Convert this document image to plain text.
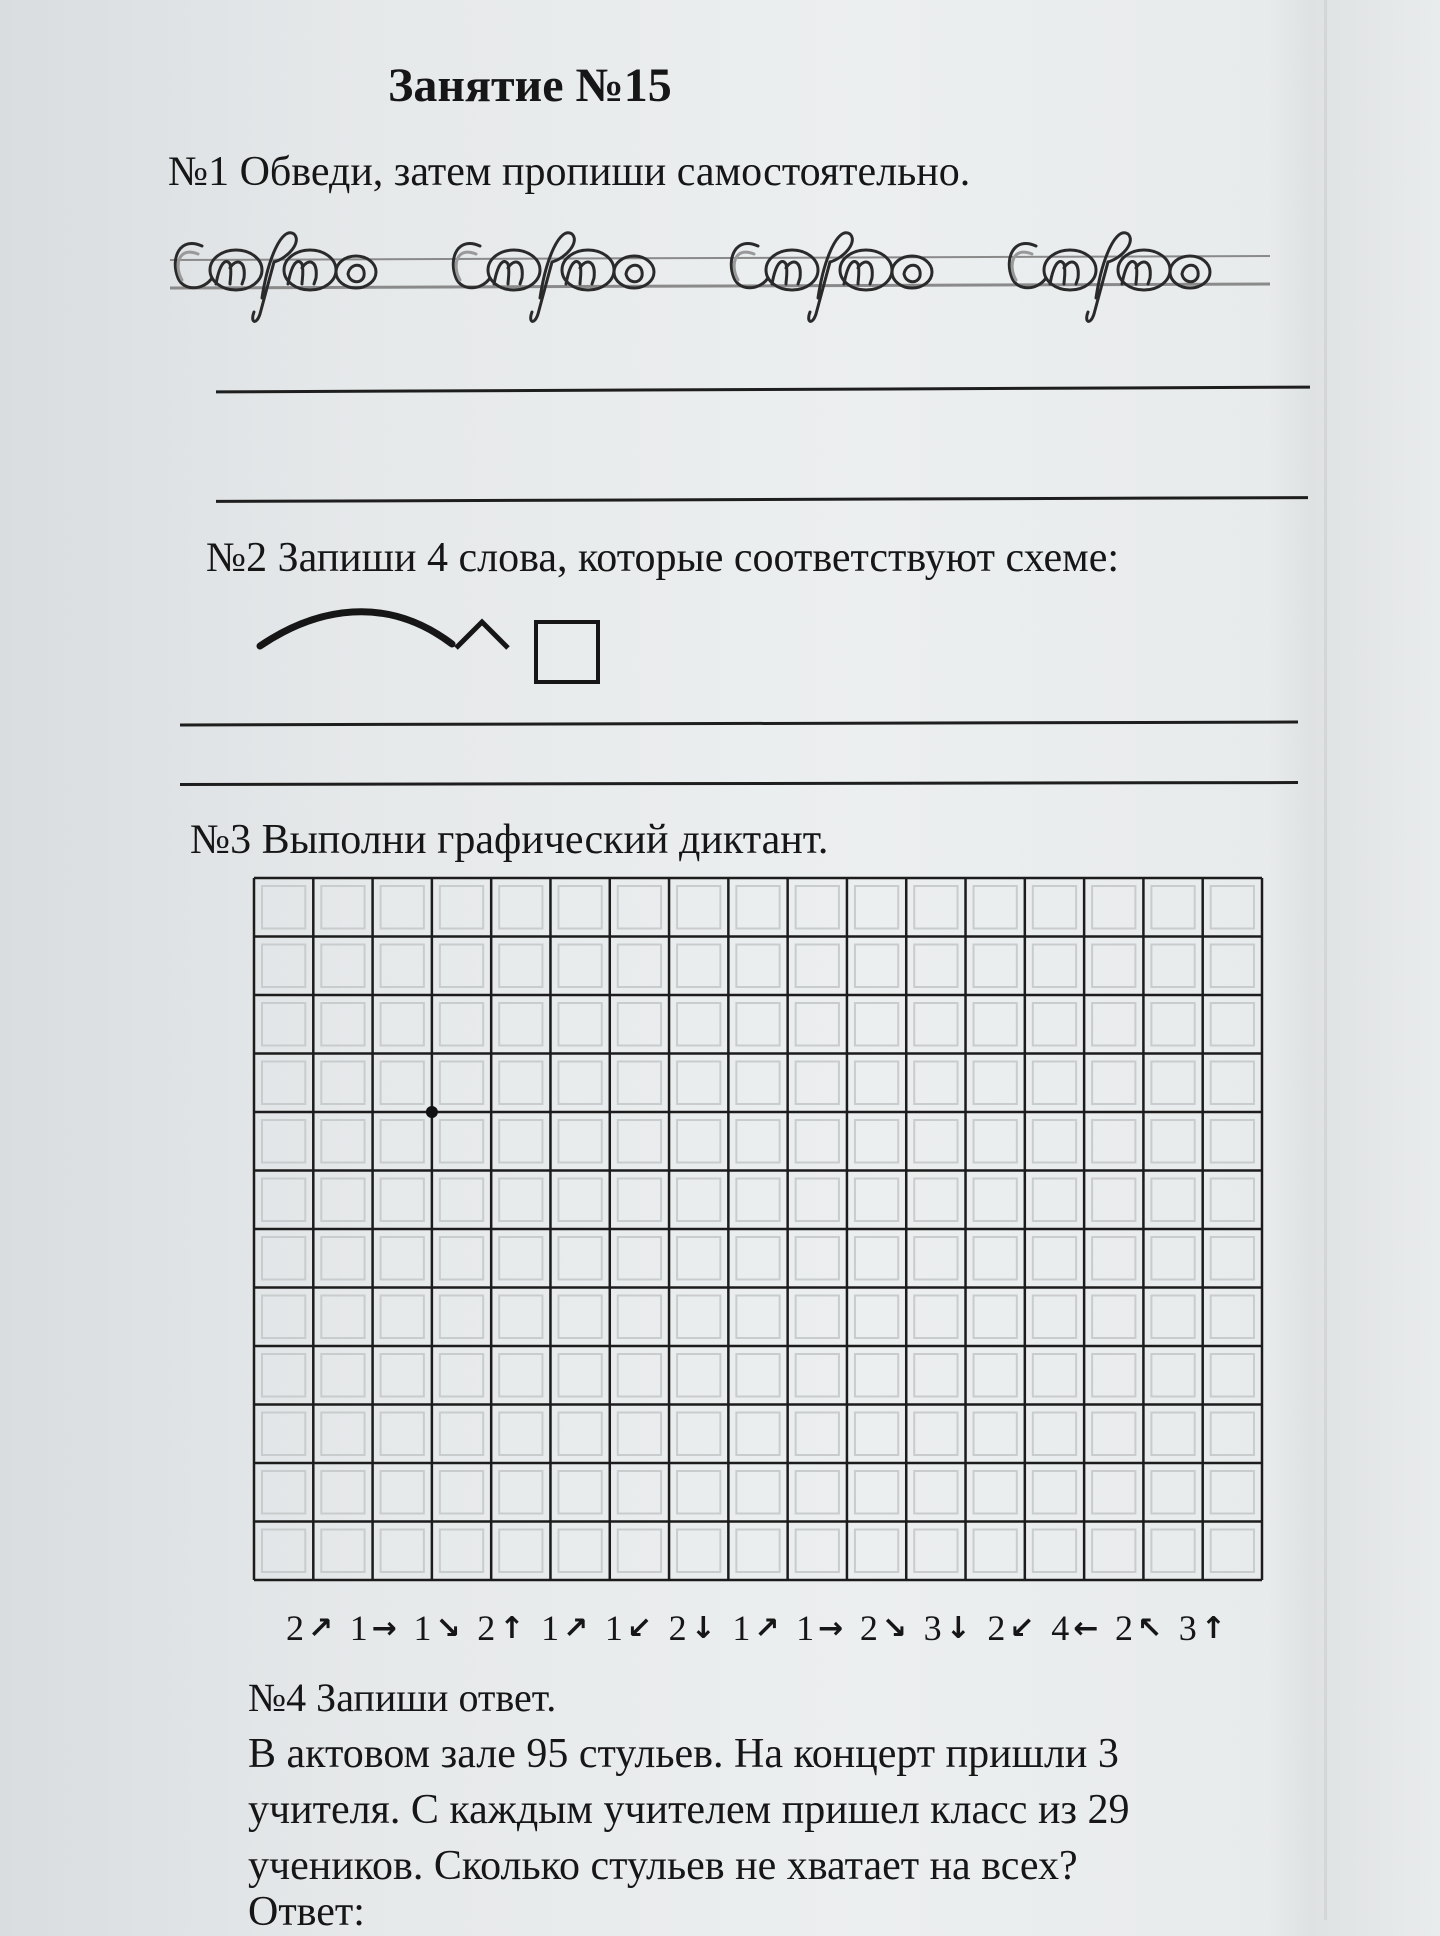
Занятие №15
№1 Обведи, затем пропиши самостоятельно.
№2 Запиши 4 слова, которые соответствуют схеме:
№3 Выполни графический диктант.
2 ↗ 1 → 1 ↘ 2 ↑ 1 ↗ 1 ↙ 2 ↓ 1 ↗ 1 → 2 ↘ 3 ↓ 2 ↙ 4 ← 2 ↖ 3 ↑
№4 Запиши ответ.
В актовом зале 95 стульев. На концерт пришли 3
учителя. С каждым учителем пришел класс из 29
учеников. Сколько стульев не хватает на всех?
Ответ:
